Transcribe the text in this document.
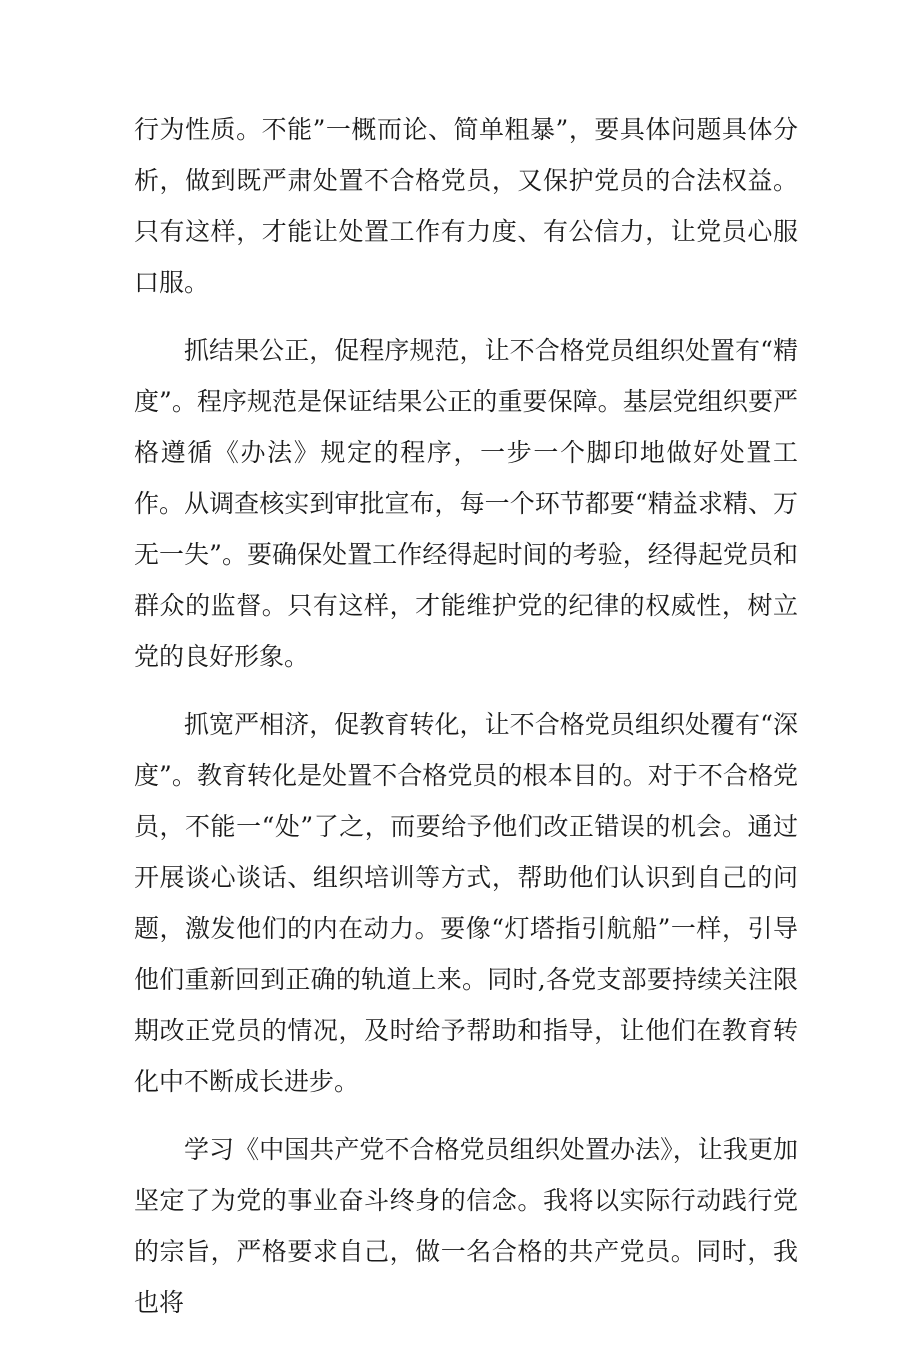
行为性质。不能”一概而论、简单粗暴”，要具体问题具体分析，做到既严肃处置不合格党员，又保护党员的合法权益。只有这样，才能让处置工作有力度、有公信力，让党员心服口服。

抓结果公正，促程序规范，让不合格党员组织处置有“精度”。程序规范是保证结果公正的重要保障。基层党组织要严格遵循《办法》规定的程序，一步一个脚印地做好处置工作。从调查核实到审批宣布，每一个环节都要“精益求精、万无一失”。要确保处置工作经得起时间的考验，经得起党员和群众的监督。只有这样，才能维护党的纪律的权威性，树立党的良好形象。

抓宽严相济，促教育转化，让不合格党员组织处覆有“深度”。教育转化是处置不合格党员的根本目的。对于不合格党员，不能一“处”了之，而要给予他们改正错误的机会。通过开展谈心谈话、组织培训等方式，帮助他们认识到自己的问题，激发他们的内在动力。要像“灯塔指引航船”一样，引导他们重新回到正确的轨道上来。同时,各党支部要持续关注限期改正党员的情况，及时给予帮助和指导，让他们在教育转化中不断成长进步。

学习《中国共产党不合格党员组织处置办法》，让我更加坚定了为党的事业奋斗终身的信念。我将以实际行动践行党的宗旨，严格要求自己，做一名合格的共产党员。同时，我也将
